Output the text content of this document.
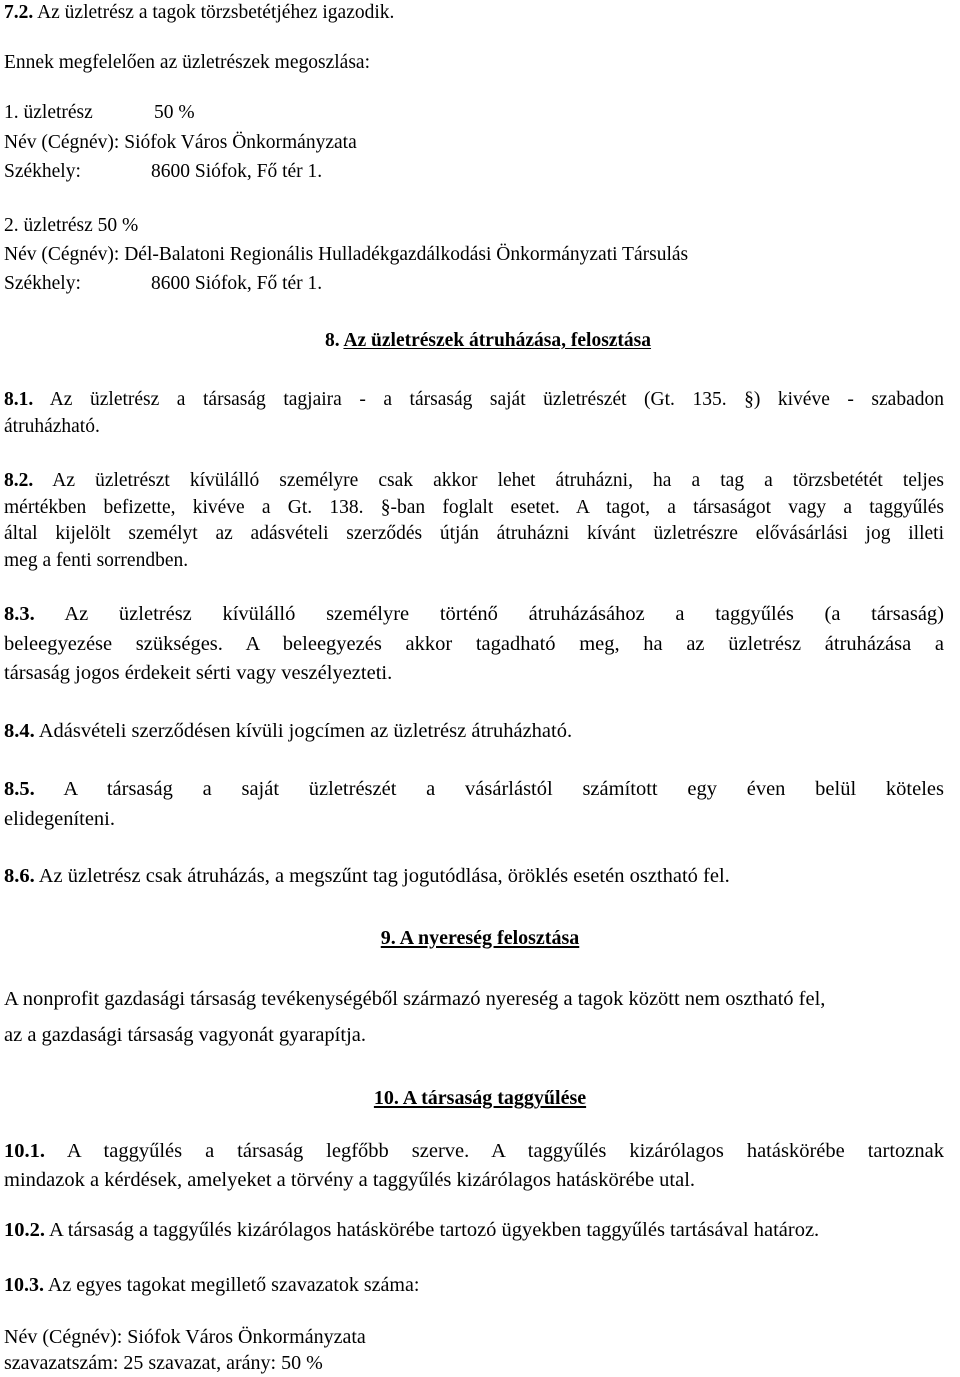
7.2. Az üzletrész a tagok törzsbetétjéhez igazodik.
Ennek megfelelően az üzletrészek megoszlása:
1. üzletrész	50 %
Név (Cégnév): Siófok Város Önkormányzata
Székhely:	8600 Siófok, Fő tér 1.
2. üzletrész 50 %
Név (Cégnév): Dél-Balatoni Regionális Hulladékgazdálkodási Önkormányzati Társulás
Székhely:	8600 Siófok, Fő tér 1.
8. Az üzletrészek átruházása, felosztása
8.1. Az üzletrész a társaság tagjaira - a társaság saját üzletrészét (Gt. 135. §) kivéve - szabadon
átruházható.
8.2. Az üzletrészt kívülálló személyre csak akkor lehet átruházni, ha a tag a törzsbetétét teljes
mértékben befizette, kivéve a Gt. 138. §-ban foglalt esetet. A tagot, a társaságot vagy a taggyűlés
által kijelölt személyt az adásvételi szerződés útján átruházni kívánt üzletrészre elővásárlási jog illeti
meg a fenti sorrendben.
8.3. Az üzletrész kívülálló személyre történő átruházásához a taggyűlés (a társaság)
beleegyezése szükséges. A beleegyezés akkor tagadható meg, ha az üzletrész átruházása a
társaság jogos érdekeit sérti vagy veszélyezteti.
8.4. Adásvételi szerződésen kívüli jogcímen az üzletrész átruházható.
8.5. A társaság a saját üzletrészét a vásárlástól számított egy éven belül köteles
elidegeníteni.
8.6. Az üzletrész csak átruházás, a megszűnt tag jogutódlása, öröklés esetén osztható fel.
9. A nyereség felosztása
A nonprofit gazdasági társaság tevékenységéből származó nyereség a tagok között nem osztható fel,
az a gazdasági társaság vagyonát gyarapítja.
10. A társaság taggyűlése
10.1. A taggyűlés a társaság legfőbb szerve. A taggyűlés kizárólagos hatáskörébe tartoznak
mindazok a kérdések, amelyeket a törvény a taggyűlés kizárólagos hatáskörébe utal.
10.2. A társaság a taggyűlés kizárólagos hatáskörébe tartozó ügyekben taggyűlés tartásával határoz.
10.3. Az egyes tagokat megillető szavazatok száma:
Név (Cégnév): Siófok Város Önkormányzata
szavazatszám: 25 szavazat, arány: 50 %
